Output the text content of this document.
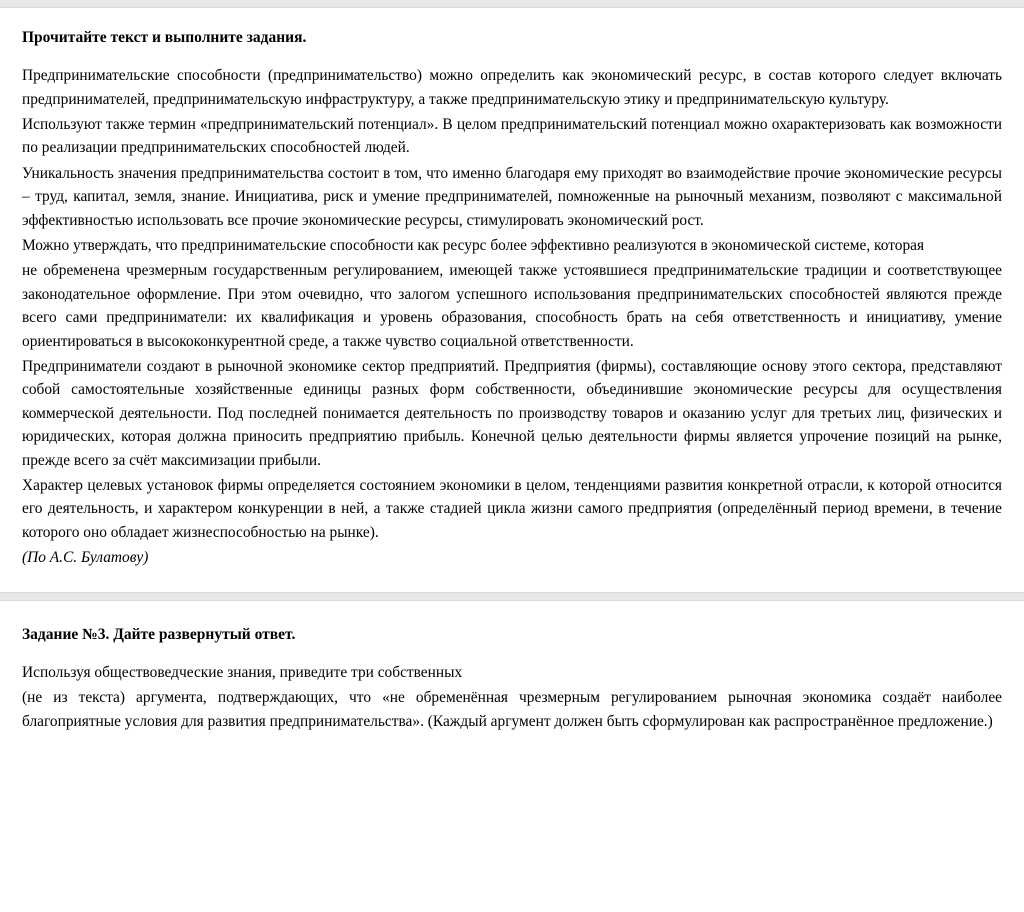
Прочитайте текст и выполните задания.

Предпринимательские способности (предпринимательство) можно определить как экономический ресурс, в состав которого следует включать предпринимателей, предпринимательскую инфраструктуру, а также предпринимательскую этику и предпринимательскую культуру.

Используют также термин «предпринимательский потенциал». В целом предпринимательский потенциал можно охарактеризовать как возможности по реализации предпринимательских способностей людей.

Уникальность значения предпринимательства состоит в том, что именно благодаря ему приходят во взаимодействие прочие экономические ресурсы – труд, капитал, земля, знание. Инициатива, риск и умение предпринимателей, помноженные на рыночный механизм, позволяют с максимальной эффективностью использовать все прочие экономические ресурсы, стимулировать экономический рост.

Можно утверждать, что предпринимательские способности как ресурс более эффективно реализуются в экономической системе, которая

не обременена чрезмерным государственным регулированием, имеющей также устоявшиеся предпринимательские традиции и соответствующее законодательное оформление. При этом очевидно, что залогом успешного использования предпринимательских способностей являются прежде всего сами предприниматели: их квалификация и уровень образования, способность брать на себя ответственность и инициативу, умение ориентироваться в высококонкурентной среде, а также чувство социальной ответственности.

Предприниматели создают в рыночной экономике сектор предприятий. Предприятия (фирмы), составляющие основу этого сектора, представляют собой самостоятельные хозяйственные единицы разных форм собственности, объединившие экономические ресурсы для осуществления коммерческой деятельности. Под последней понимается деятельность по производству товаров и оказанию услуг для третьих лиц, физических и юридических, которая должна приносить предприятию прибыль. Конечной целью деятельности фирмы является упрочение позиций на рынке, прежде всего за счёт максимизации прибыли.

Характер целевых установок фирмы определяется состоянием экономики в целом, тенденциями развития конкретной отрасли, к которой относится его деятельность, и характером конкуренции в ней, а также стадией цикла жизни самого предприятия (определённый период времени, в течение которого оно обладает жизнеспособностью на рынке).

(По А.С. Булатову)
Задание №3. Дайте развернутый ответ.

Используя обществоведческие знания, приведите три собственных

(не из текста) аргумента, подтверждающих, что «не обременённая чрезмерным регулированием рыночная экономика создаёт наиболее благоприятные условия для развития предпринимательства». (Каждый аргумент должен быть сформулирован как распространённое предложение.)
